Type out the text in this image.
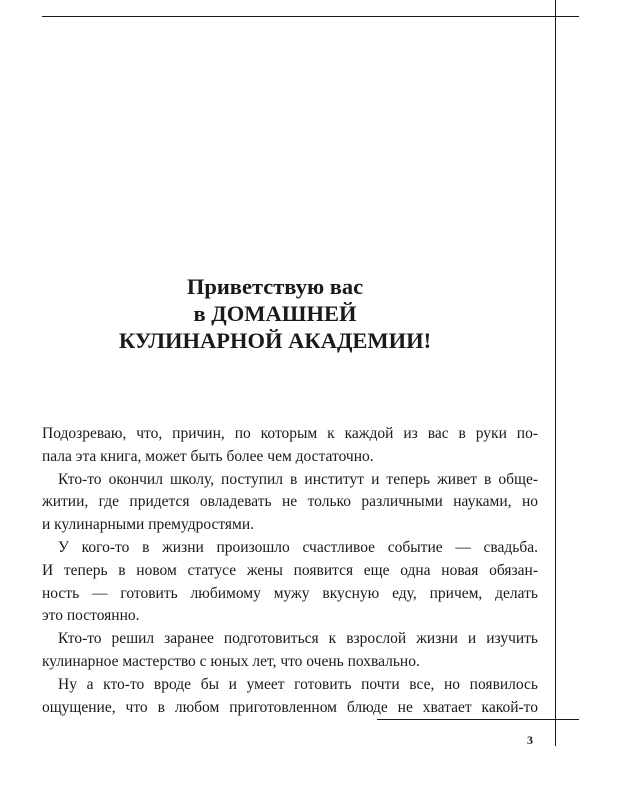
Приветствую вас
в ДОМАШНЕЙ
КУЛИНАРНОЙ АКАДЕМИИ!
Подозреваю, что, причин, по которым к каждой из вас в руки по-
пала эта книга, может быть более чем достаточно.
Кто-то окончил школу, поступил в институт и теперь живет в обще-
житии, где придется овладевать не только различными науками, но
и кулинарными премудростями.
У кого-то в жизни произошло счастливое событие — свадьба.
И теперь в новом статусе жены появится еще одна новая обязан-
ность — готовить любимому мужу вкусную еду, причем, делать
это постоянно.
Кто-то решил заранее подготовиться к взрослой жизни и изучить
кулинарное мастерство с юных лет, что очень похвально.
Ну а кто-то вроде бы и умеет готовить почти все, но появилось
ощущение, что в любом приготовленном блюде не хватает какой-то
3
